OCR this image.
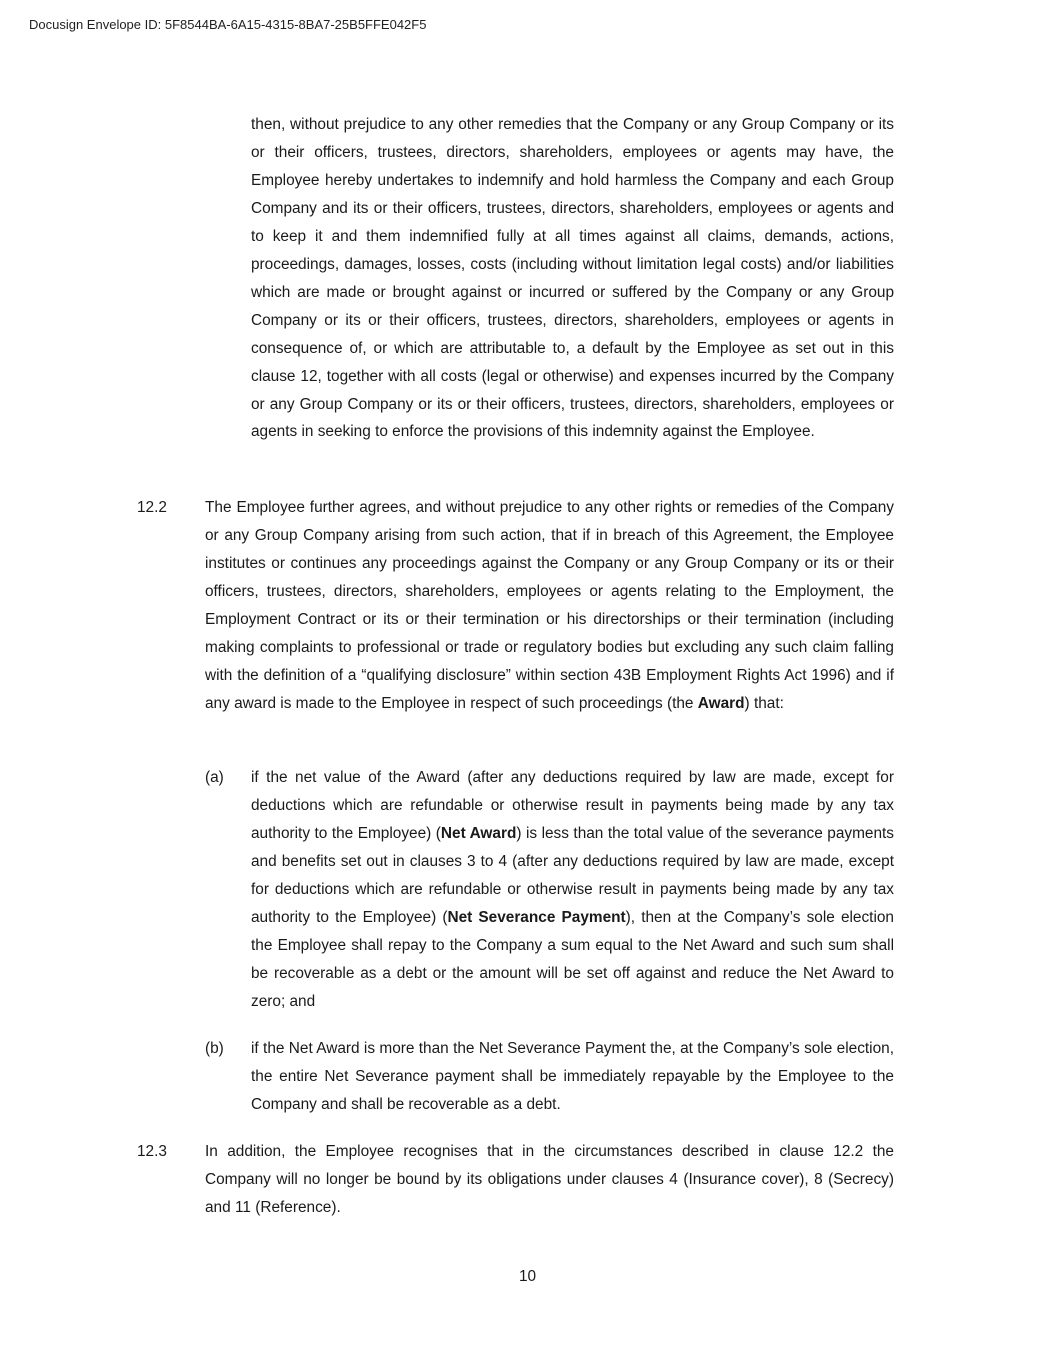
Docusign Envelope ID: 5F8544BA-6A15-4315-8BA7-25B5FFE042F5

then, without prejudice to any other remedies that the Company or any Group Company or its or their officers, trustees, directors, shareholders, employees or agents may have, the Employee hereby undertakes to indemnify and hold harmless the Company and each Group Company and its or their officers, trustees, directors, shareholders, employees or agents and to keep it and them indemnified fully at all times against all claims, demands, actions, proceedings, damages, losses, costs (including without limitation legal costs) and/or liabilities which are made or brought against or incurred or suffered by the Company or any Group Company or its or their officers, trustees, directors, shareholders, employees or agents in consequence of, or which are attributable to, a default by the Employee as set out in this clause 12, together with all costs (legal or otherwise) and expenses incurred by the Company or any Group Company or its or their officers, trustees, directors, shareholders, employees or agents in seeking to enforce the provisions of this indemnity against the Employee.

12.2 The Employee further agrees, and without prejudice to any other rights or remedies of the Company or any Group Company arising from such action, that if in breach of this Agreement, the Employee institutes or continues any proceedings against the Company or any Group Company or its or their officers, trustees, directors, shareholders, employees or agents relating to the Employment, the Employment Contract or its or their termination or his directorships or their termination (including making complaints to professional or trade or regulatory bodies but excluding any such claim falling with the definition of a “qualifying disclosure” within section 43B Employment Rights Act 1996) and if any award is made to the Employee in respect of such proceedings (the Award) that:

(a) if the net value of the Award (after any deductions required by law are made, except for deductions which are refundable or otherwise result in payments being made by any tax authority to the Employee) (Net Award) is less than the total value of the severance payments and benefits set out in clauses 3 to 4 (after any deductions required by law are made, except for deductions which are refundable or otherwise result in payments being made by any tax authority to the Employee) (Net Severance Payment), then at the Company’s sole election the Employee shall repay to the Company a sum equal to the Net Award and such sum shall be recoverable as a debt or the amount will be set off against and reduce the Net Award to zero; and

(b) if the Net Award is more than the Net Severance Payment the, at the Company’s sole election, the entire Net Severance payment shall be immediately repayable by the Employee to the Company and shall be recoverable as a debt.

12.3 In addition, the Employee recognises that in the circumstances described in clause 12.2 the Company will no longer be bound by its obligations under clauses 4 (Insurance cover), 8 (Secrecy) and 11 (Reference).

10
